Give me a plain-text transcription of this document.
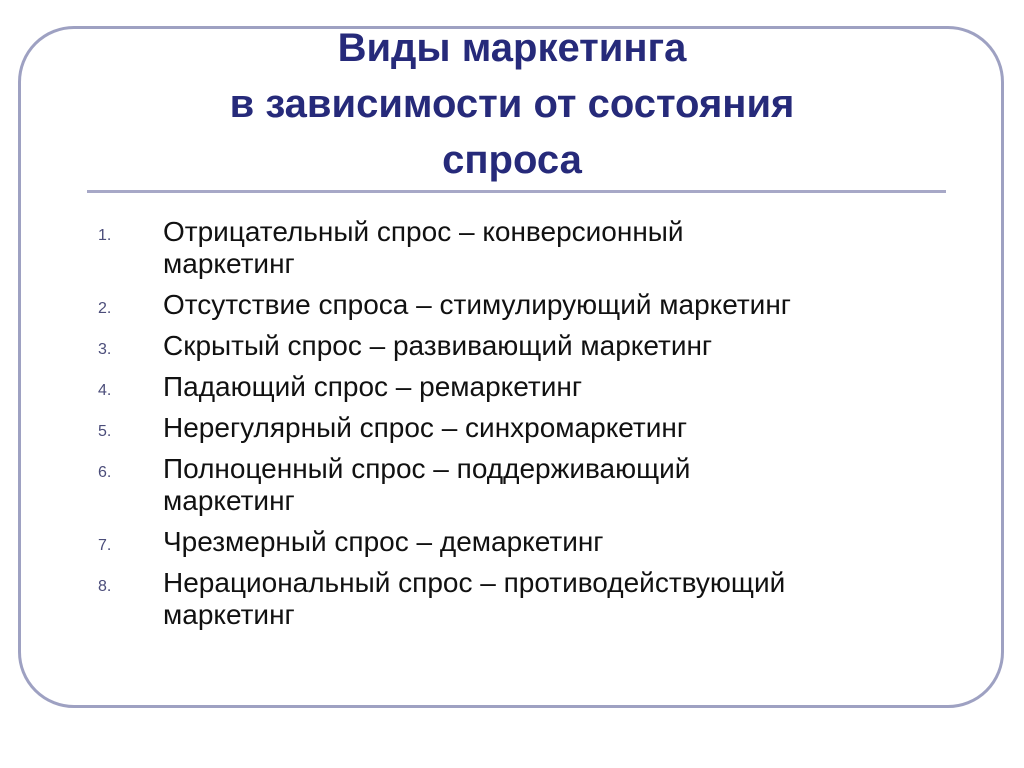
Виды маркетинга
в зависимости от состояния
спроса
1. Отрицательный спрос – конверсионный
маркетинг
2. Отсутствие спроса – стимулирующий маркетинг
3. Скрытый спрос – развивающий маркетинг
4. Падающий спрос – ремаркетинг
5. Нерегулярный спрос – синхромаркетинг
6. Полноценный спрос – поддерживающий
маркетинг
7. Чрезмерный спрос – демаркетинг
8. Нерациональный спрос – противодействующий
маркетинг
